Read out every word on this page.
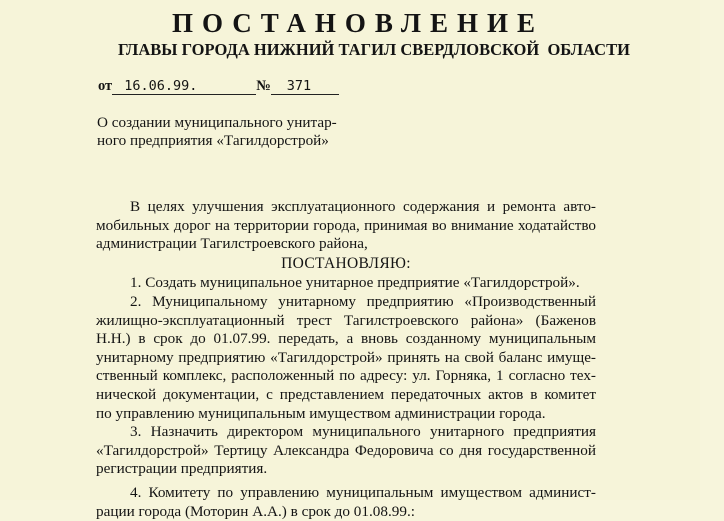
ПОСТАНОВЛЕНИЕ
ГЛАВЫ ГОРОДА НИЖНИЙ ТАГИЛ СВЕРДЛОВСКОЙ  ОБЛАСТИ
от 16.06.99.	№ 371
О создании муниципального унитар-
ного предприятия «Тагилдорстрой»
В целях улучшения эксплуатационного содержания и ремонта авто-
мобильных дорог на территории города, принимая во внимание ходатайство
администрации Тагилстроевского района,
ПОСТАНОВЛЯЮ:
1. Создать муниципальное унитарное предприятие «Тагилдорстрой».
2. Муниципальному унитарному предприятию «Производственный
жилищно-эксплуатационный трест Тагилстроевского района» (Баженов
Н.Н.) в срок до 01.07.99. передать, а вновь созданному муниципальным
унитарному предприятию «Тагилдорстрой» принять на свой баланс имуще-
ственный комплекс, расположенный по адресу: ул. Горняка, 1 согласно тех-
нической документации, с представлением передаточных актов в комитет
по управлению муниципальным имуществом администрации города.
3. Назначить директором муниципального унитарного предприятия
«Тагилдорстрой» Тертицу Александра Федоровича со дня государственной
регистрации предприятия.
4. Комитету по управлению муниципальным имуществом админист-
рации города (Моторин А.А.) в срок до 01.08.99.:
